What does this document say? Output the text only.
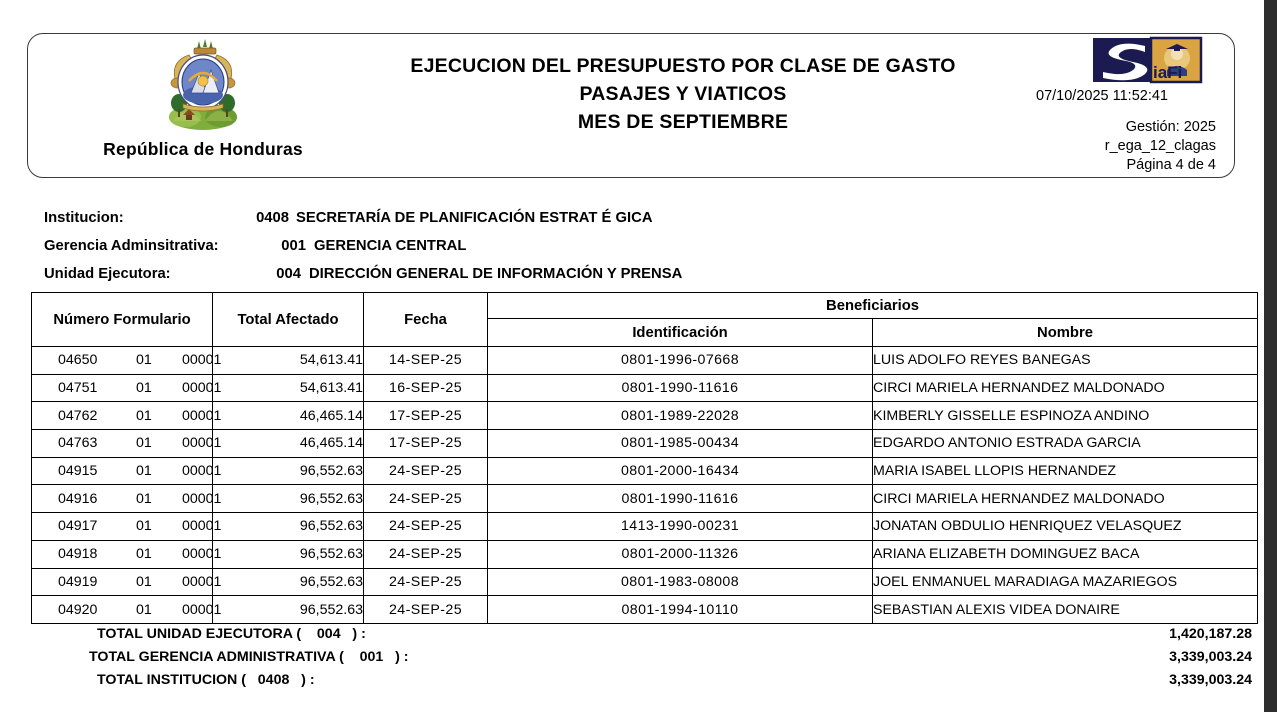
República de Honduras
EJECUCION DEL PRESUPUESTO POR CLASE DE GASTO
PASAJES Y VIATICOS
MES DE SEPTIEMBRE
iaFi
07/10/2025 11:52:41
Gestión: 2025
r_ega_12_clagas
Página 4 de 4
Institucion:	0408 SECRETARÍA DE PLANIFICACIÓN ESTRAT É GICA
Gerencia Adminsitrativa:	001 GERENCIA CENTRAL
Unidad Ejecutora:	004 DIRECCIÓN GENERAL DE INFORMACIÓN Y PRENSA
Número Formulario	Total Afectado	Fecha	Beneficiarios	
			Identificación	Nombre

04650 01 00001	54,613.41	14-SEP-25	0801-1996-07668	LUIS ADOLFO REYES BANEGAS

04751 01 00001	54,613.41	16-SEP-25	0801-1990-11616	CIRCI MARIELA HERNANDEZ MALDONADO

04762 01 00001	46,465.14	17-SEP-25	0801-1989-22028	KIMBERLY GISSELLE ESPINOZA ANDINO

04763 01 00001	46,465.14	17-SEP-25	0801-1985-00434	EDGARDO ANTONIO ESTRADA GARCIA

04915 01 00001	96,552.63	24-SEP-25	0801-2000-16434	MARIA ISABEL LLOPIS HERNANDEZ

04916 01 00001	96,552.63	24-SEP-25	0801-1990-11616	CIRCI MARIELA HERNANDEZ MALDONADO

04917 01 00001	96,552.63	24-SEP-25	1413-1990-00231	JONATAN OBDULIO HENRIQUEZ VELASQUEZ

04918 01 00001	96,552.63	24-SEP-25	0801-2000-11326	ARIANA ELIZABETH DOMINGUEZ BACA

04919 01 00001	96,552.63	24-SEP-25	0801-1983-08008	JOEL ENMANUEL MARADIAGA MAZARIEGOS

04920 01 00001	96,552.63	24-SEP-25	0801-1994-10110	SEBASTIAN ALEXIS VIDEA DONAIRE
TOTAL UNIDAD EJECUTORA (    004   ) :	1,420,187.28
TOTAL GERENCIA ADMINISTRATIVA (    001   ) :	3,339,003.24
TOTAL INSTITUCION (   0408   ) :	3,339,003.24
